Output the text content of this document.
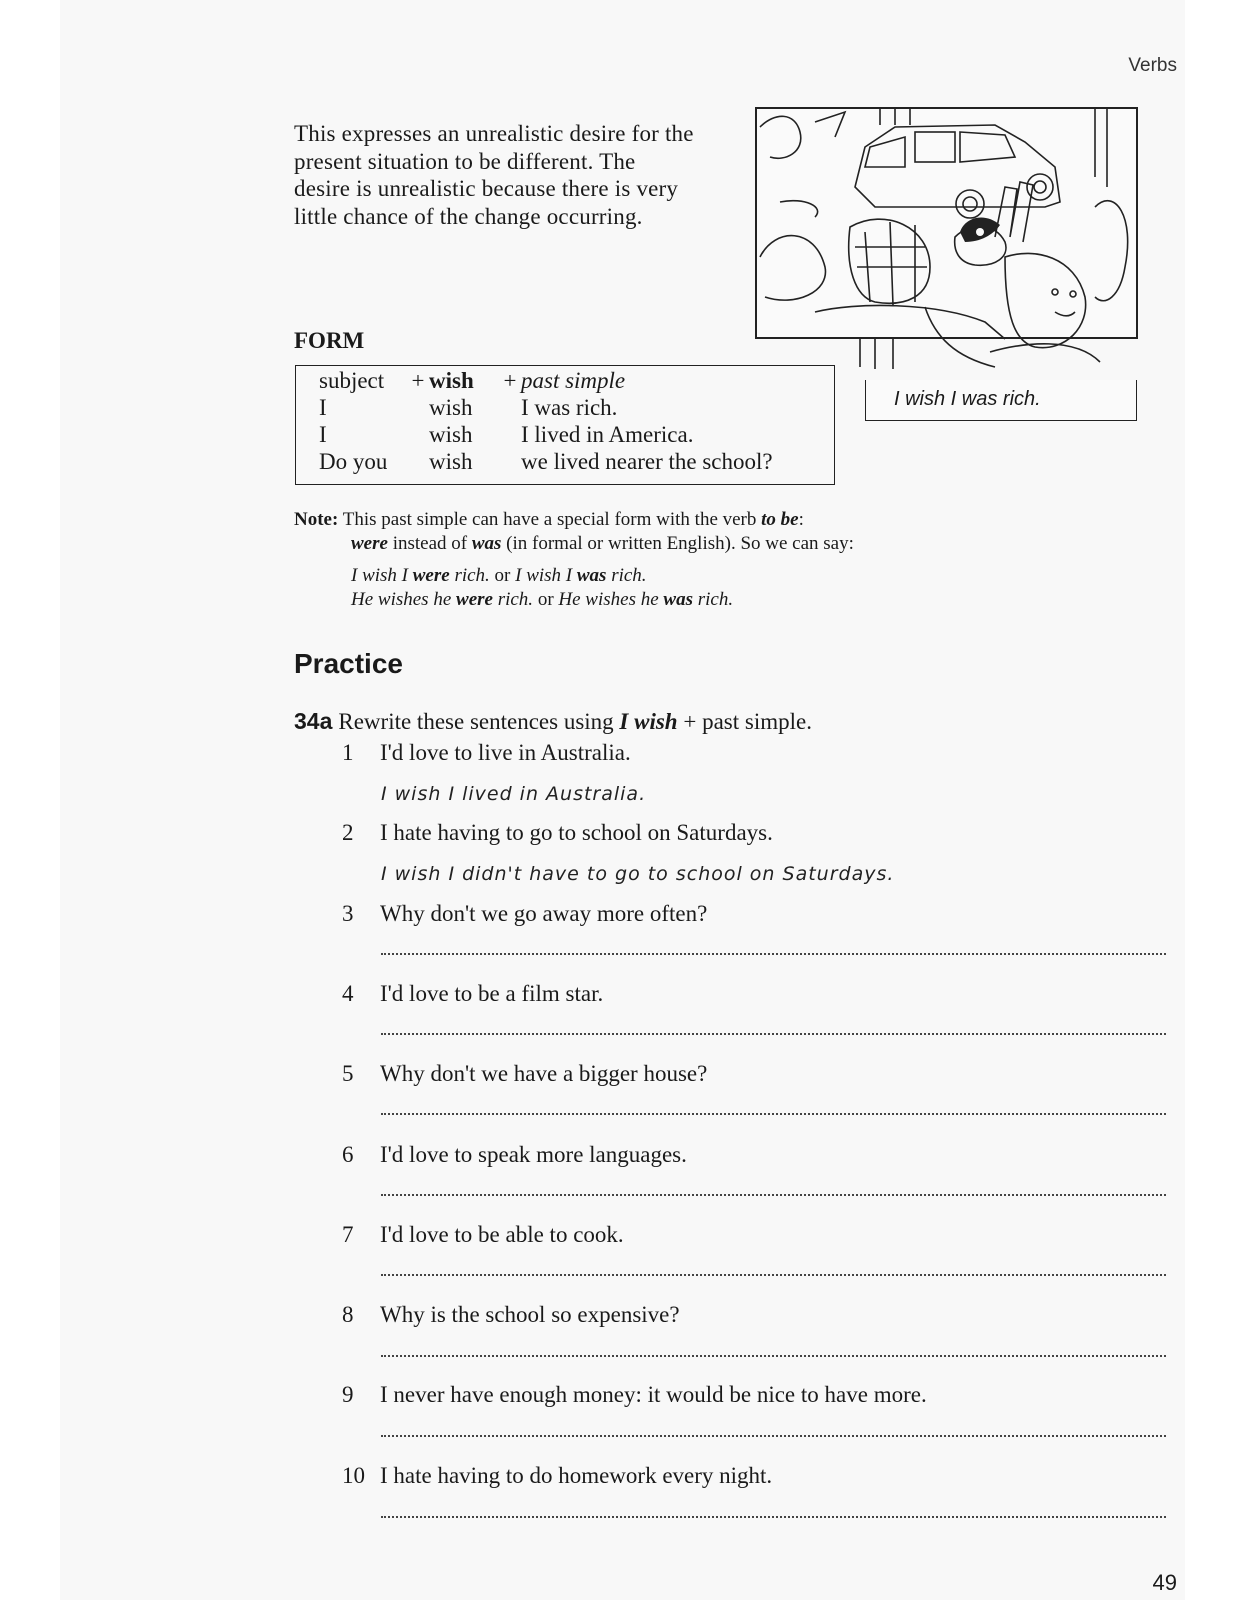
Verbs
This expresses an unrealistic desire for the present situation to be different. The desire is unrealistic because there is very little chance of the change occurring.
FORM
subject	+	wish	+	past simple
I		wish		I was rich.
I		wish		I lived in America.
Do you		wish		we lived nearer the school?
I wish I was rich.
Note: This past simple can have a special form with the verb to be:
were instead of was (in formal or written English). So we can say:
I wish I were rich. or I wish I was rich.
He wishes he were rich. or He wishes he was rich.
Practice
34a Rewrite these sentences using I wish + past simple.
1 I'd love to live in Australia.
I wish I lived in Australia.
2 I hate having to go to school on Saturdays.
I wish I didn't have to go to school on Saturdays.
3 Why don't we go away more often?
4 I'd love to be a film star.
5 Why don't we have a bigger house?
6 I'd love to speak more languages.
7 I'd love to be able to cook.
8 Why is the school so expensive?
9 I never have enough money: it would be nice to have more.
10 I hate having to do homework every night.
49
